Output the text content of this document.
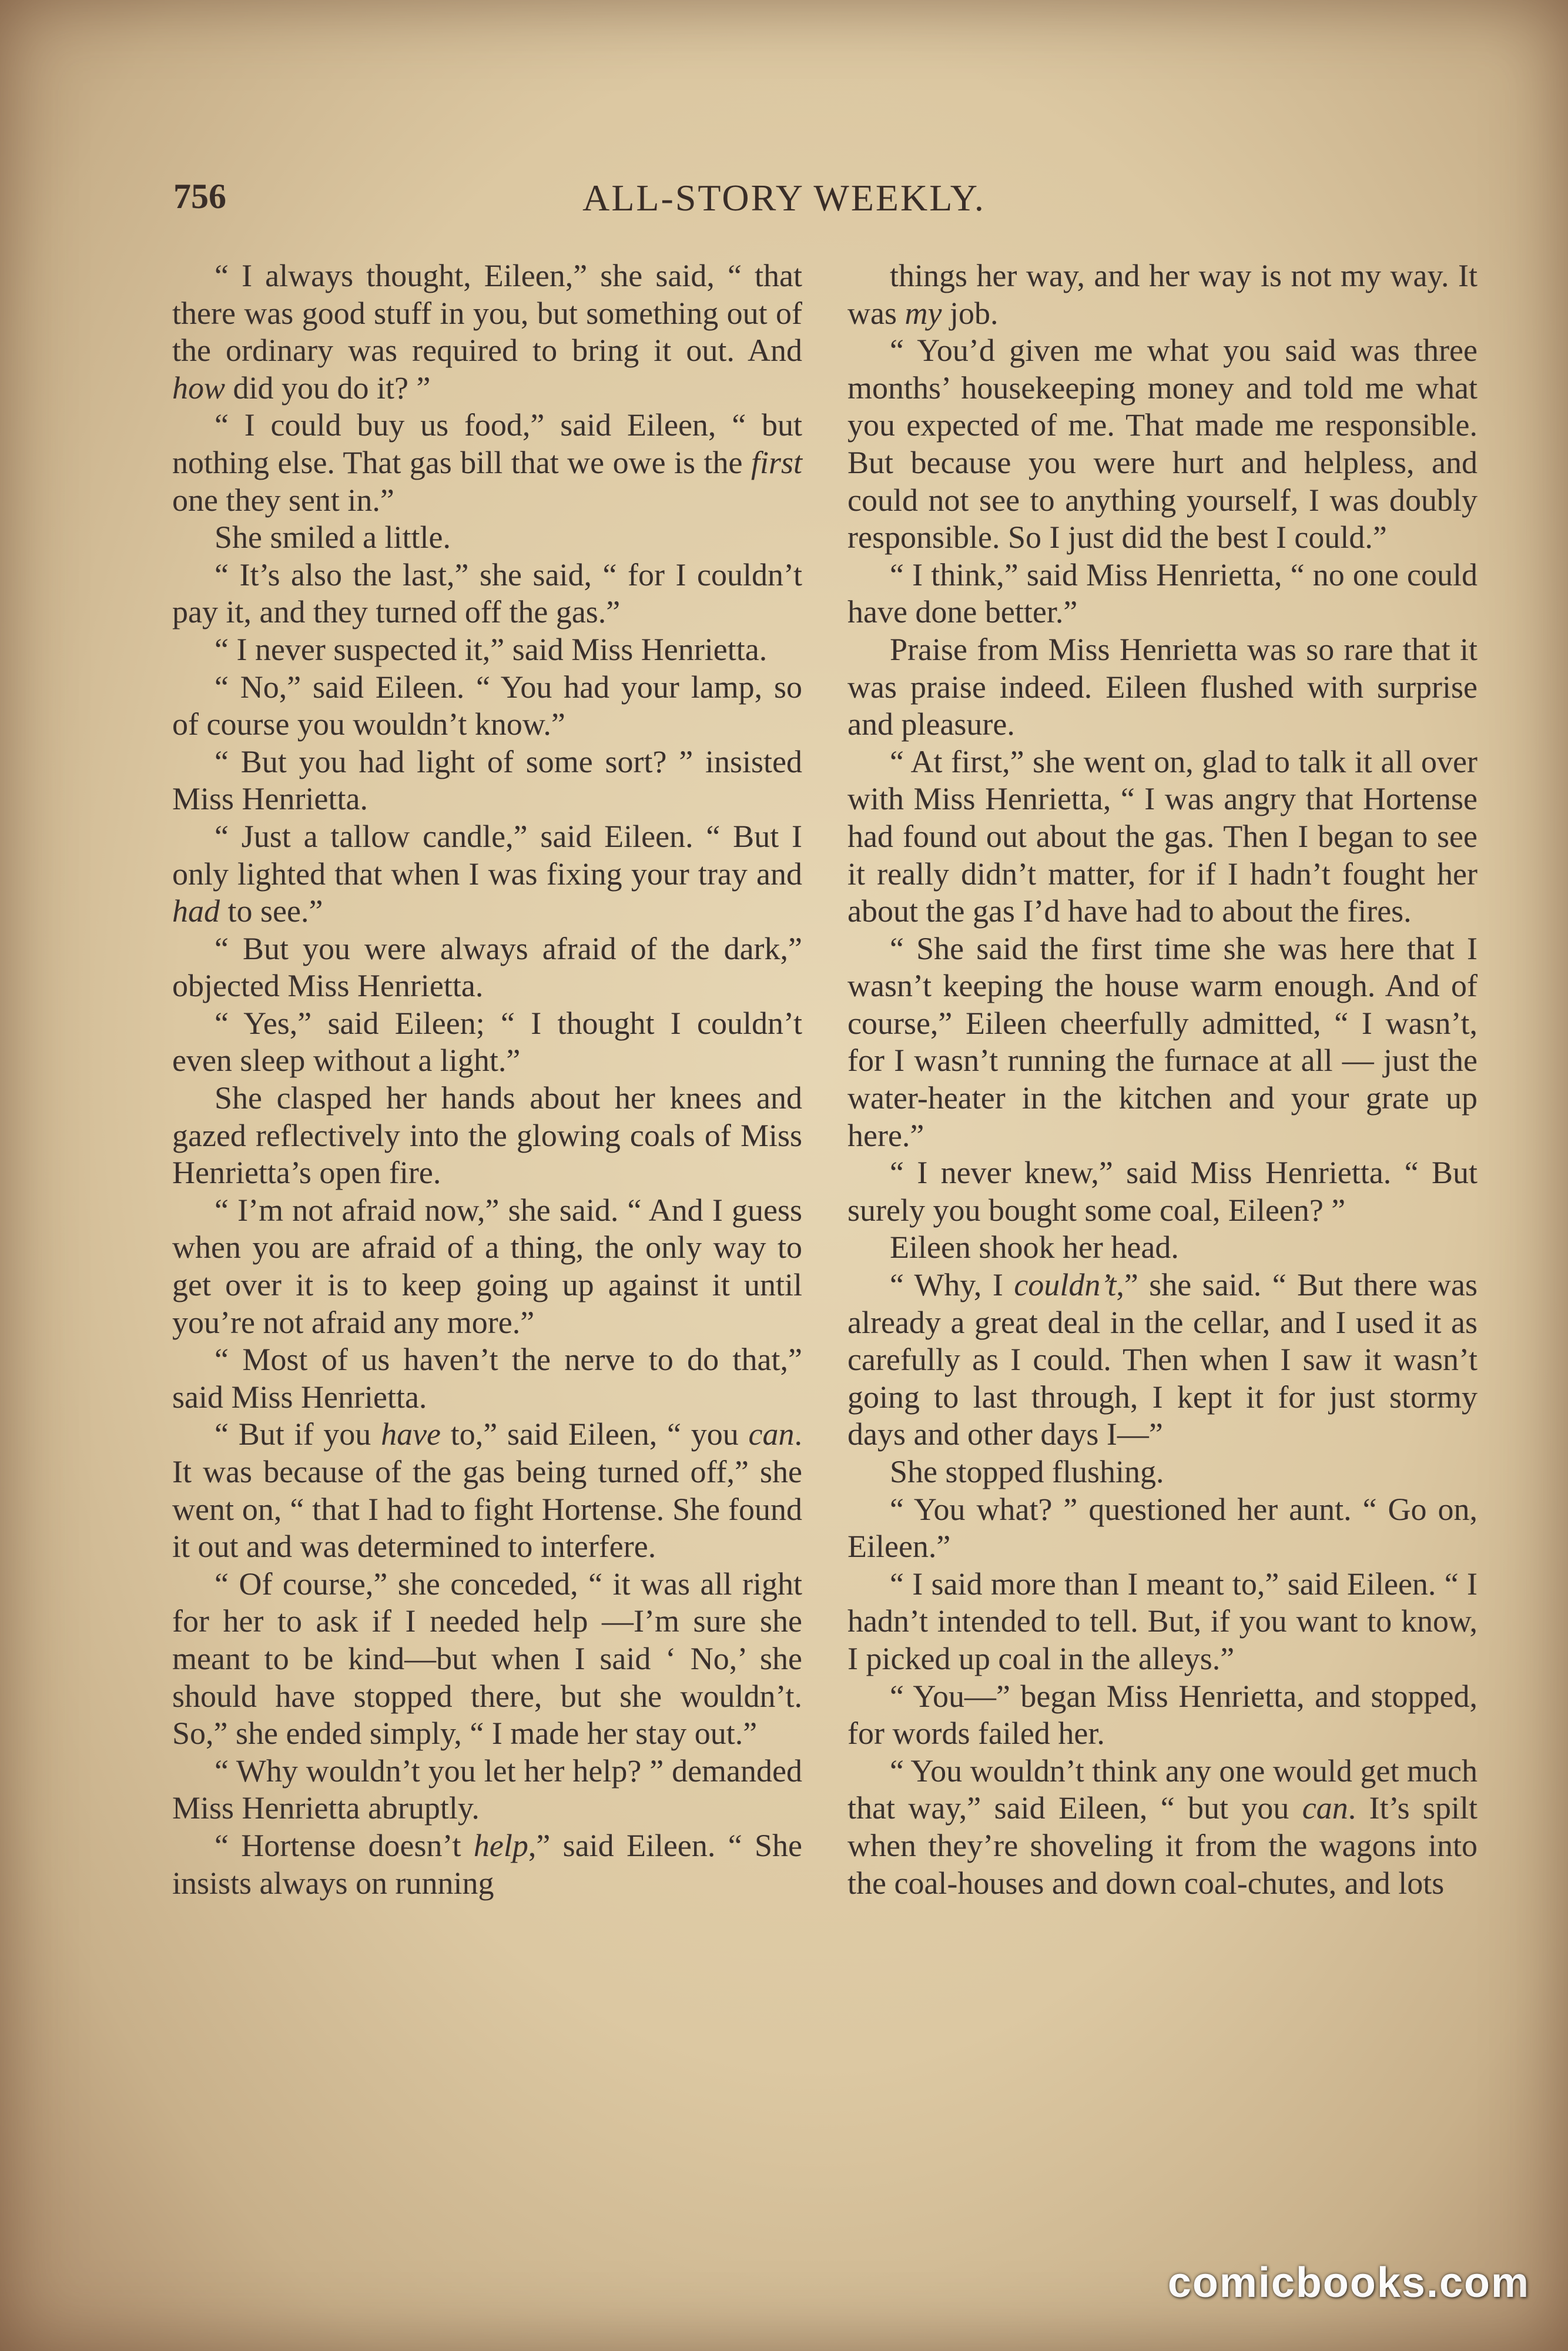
756	ALL-STORY WEEKLY.

“ I always thought, Eileen,” she said, “ that there was good stuff in you, but something out of the ordinary was required to bring it out. And how did you do it? ”

“ I could buy us food,” said Eileen, “ but nothing else. That gas bill that we owe is the first one they sent in.”

She smiled a little.

“ It’s also the last,” she said, “ for I couldn’t pay it, and they turned off the gas.”

“ I never suspected it,” said Miss Henrietta.

“ No,” said Eileen. “ You had your lamp, so of course you wouldn’t know.”

“ But you had light of some sort? ” insisted Miss Henrietta.

“ Just a tallow candle,” said Eileen. “ But I only lighted that when I was fixing your tray and had to see.”

“ But you were always afraid of the dark,” objected Miss Henrietta.

“ Yes,” said Eileen; “ I thought I couldn’t even sleep without a light.”

She clasped her hands about her knees and gazed reflectively into the glowing coals of Miss Henrietta’s open fire.

“ I’m not afraid now,” she said. “ And I guess when you are afraid of a thing, the only way to get over it is to keep going up against it until you’re not afraid any more.”

“ Most of us haven’t the nerve to do that,” said Miss Henrietta.

“ But if you have to,” said Eileen, “ you can. It was because of the gas being turned off,” she went on, “ that I had to fight Hortense. She found it out and was determined to interfere.

“ Of course,” she conceded, “ it was all right for her to ask if I needed help —I’m sure she meant to be kind—but when I said ‘ No,’ she should have stopped there, but she wouldn’t. So,” she ended simply, “ I made her stay out.”

“ Why wouldn’t you let her help? ” demanded Miss Henrietta abruptly.

“ Hortense doesn’t help,” said Eileen. “ She insists always on running

things her way, and her way is not my way. It was my job.

“ You’d given me what you said was three months’ housekeeping money and told me what you expected of me. That made me responsible. But because you were hurt and helpless, and could not see to anything yourself, I was doubly responsible. So I just did the best I could.”

“ I think,” said Miss Henrietta, “ no one could have done better.”

Praise from Miss Henrietta was so rare that it was praise indeed. Eileen flushed with surprise and pleasure.

“ At first,” she went on, glad to talk it all over with Miss Henrietta, “ I was angry that Hortense had found out about the gas. Then I began to see it really didn’t matter, for if I hadn’t fought her about the gas I’d have had to about the fires.

“ She said the first time she was here that I wasn’t keeping the house warm enough. And of course,” Eileen cheerfully admitted, “ I wasn’t, for I wasn’t running the furnace at all — just the water-heater in the kitchen and your grate up here.”

“ I never knew,” said Miss Henrietta. “ But surely you bought some coal, Eileen? ”

Eileen shook her head.

“ Why, I couldn’t,” she said. “ But there was already a great deal in the cellar, and I used it as carefully as I could. Then when I saw it wasn’t going to last through, I kept it for just stormy days and other days I—”

She stopped flushing.

“ You what? ” questioned her aunt. “ Go on, Eileen.”

“ I said more than I meant to,” said Eileen. “ I hadn’t intended to tell. But, if you want to know, I picked up coal in the alleys.”

“ You—” began Miss Henrietta, and stopped, for words failed her.

“ You wouldn’t think any one would get much that way,” said Eileen, “ but you can. It’s spilt when they’re shoveling it from the wagons into the coal-houses and down coal-chutes, and lots

comicbooks.com
